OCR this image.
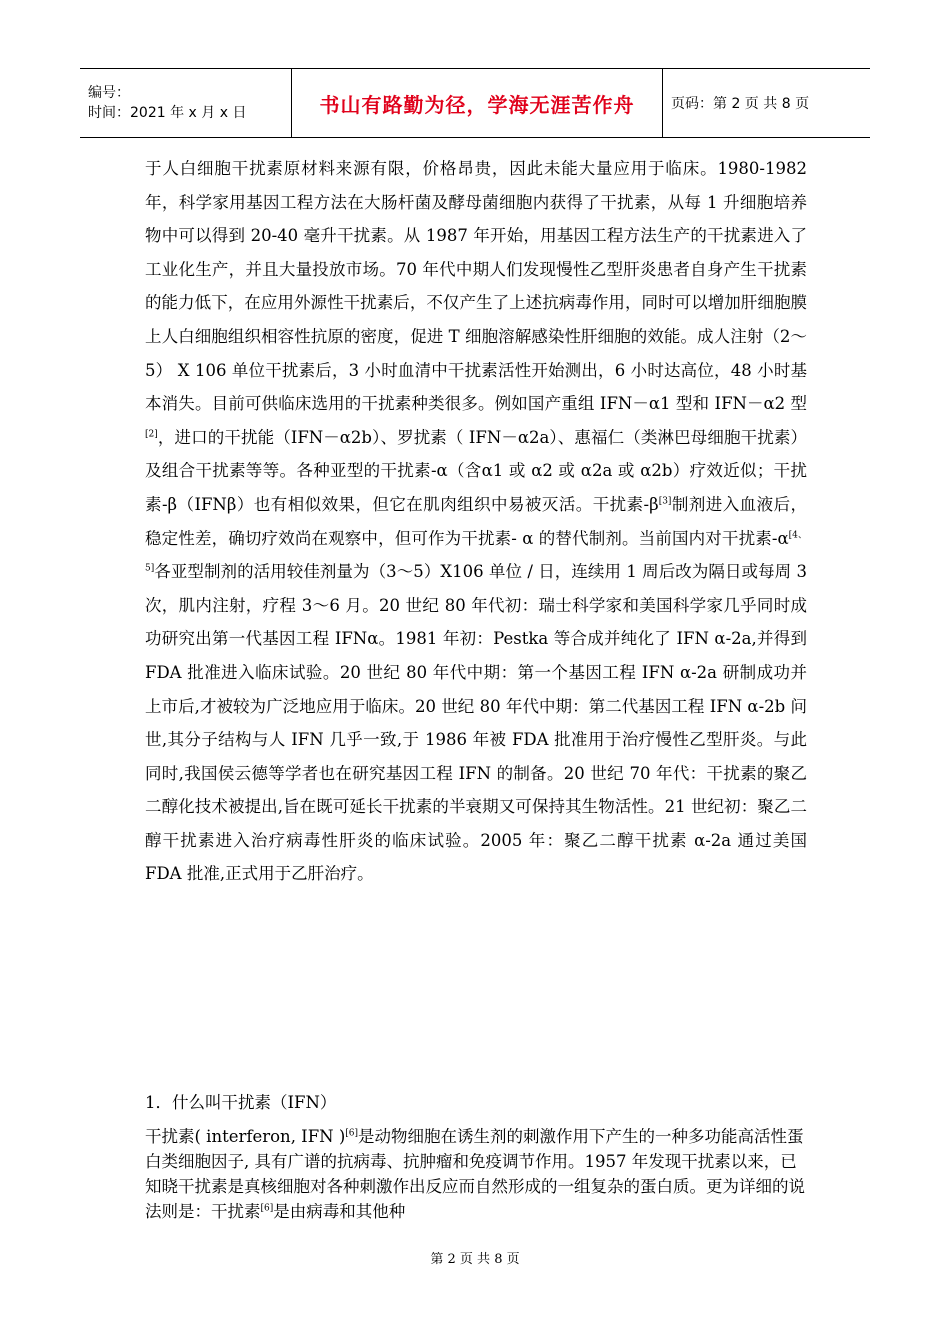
编号：
时间：2021 年 x 月 x 日	书山有路勤为径，学海无涯苦作舟	页码：第 2 页 共 8 页

于人白细胞干扰素原材料来源有限，价格昂贵，因此未能大量应用于临床。1980-1982 年，科学家用基因工程方法在大肠杆菌及酵母菌细胞内获得了干扰素，从每 1 升细胞培养物中可以得到 20-40 毫升干扰素。从 1987 年开始，用基因工程方法生产的干扰素进入了工业化生产，并且大量投放市场。70 年代中期人们发现慢性乙型肝炎患者自身产生干扰素的能力低下，在应用外源性干扰素后，不仅产生了上述抗病毒作用，同时可以增加肝细胞膜上人白细胞组织相容性抗原的密度，促进 T 细胞溶解感染性肝细胞的效能。成人注射（2～5） X 106 单位干扰素后，3 小时血清中干扰素活性开始测出，6 小时达高位，48 小时基本消失。目前可供临床选用的干扰素种类很多。例如国产重组 IFN－α1 型和 IFN－α2 型[2]，进口的干扰能（IFN－α2b）、罗扰素（ IFN－α2a）、惠福仁（类淋巴母细胞干扰素）及组合干扰素等等。各种亚型的干扰素-α（含α1 或 α2 或 α2a 或 α2b）疗效近似；干扰素-β（IFNβ）也有相似效果，但它在肌肉组织中易被灭活。干扰素-β[3]制剂进入血液后，稳定性差，确切疗效尚在观察中，但可作为干扰素- α 的替代制剂。当前国内对干扰素-α[4、5]各亚型制剂的活用较佳剂量为（3～5）X106 单位 / 日，连续用 1 周后改为隔日或每周 3 次，肌内注射，疗程 3～6 月。20 世纪 80 年代初：瑞士科学家和美国科学家几乎同时成功研究出第一代基因工程 IFNα。1981 年初：Pestka 等合成并纯化了 IFN α-2a,并得到 FDA 批准进入临床试验。20 世纪 80 年代中期：第一个基因工程 IFN α-2a 研制成功并上市后,才被较为广泛地应用于临床。20 世纪 80 年代中期：第二代基因工程 IFN α-2b 问世,其分子结构与人 IFN 几乎一致,于 1986 年被 FDA 批准用于治疗慢性乙型肝炎。与此同时,我国侯云德等学者也在研究基因工程 IFN 的制备。20 世纪 70 年代：干扰素的聚乙二醇化技术被提出,旨在既可延长干扰素的半衰期又可保持其生物活性。21 世纪初：聚乙二醇干扰素进入治疗病毒性肝炎的临床试验。2005 年：聚乙二醇干扰素 α-2a 通过美国 FDA 批准,正式用于乙肝治疗。

1．什么叫干扰素（IFN）

干扰素( interferon, IFN )[6]是动物细胞在诱生剂的刺激作用下产生的一种多功能高活性蛋白类细胞因子, 具有广谱的抗病毒、抗肿瘤和免疫调节作用。1957 年发现干扰素以来，已知晓干扰素是真核细胞对各种刺激作出反应而自然形成的一组复杂的蛋白质。更为详细的说法则是：干扰素[6]是由病毒和其他种

第 2 页 共 8 页
